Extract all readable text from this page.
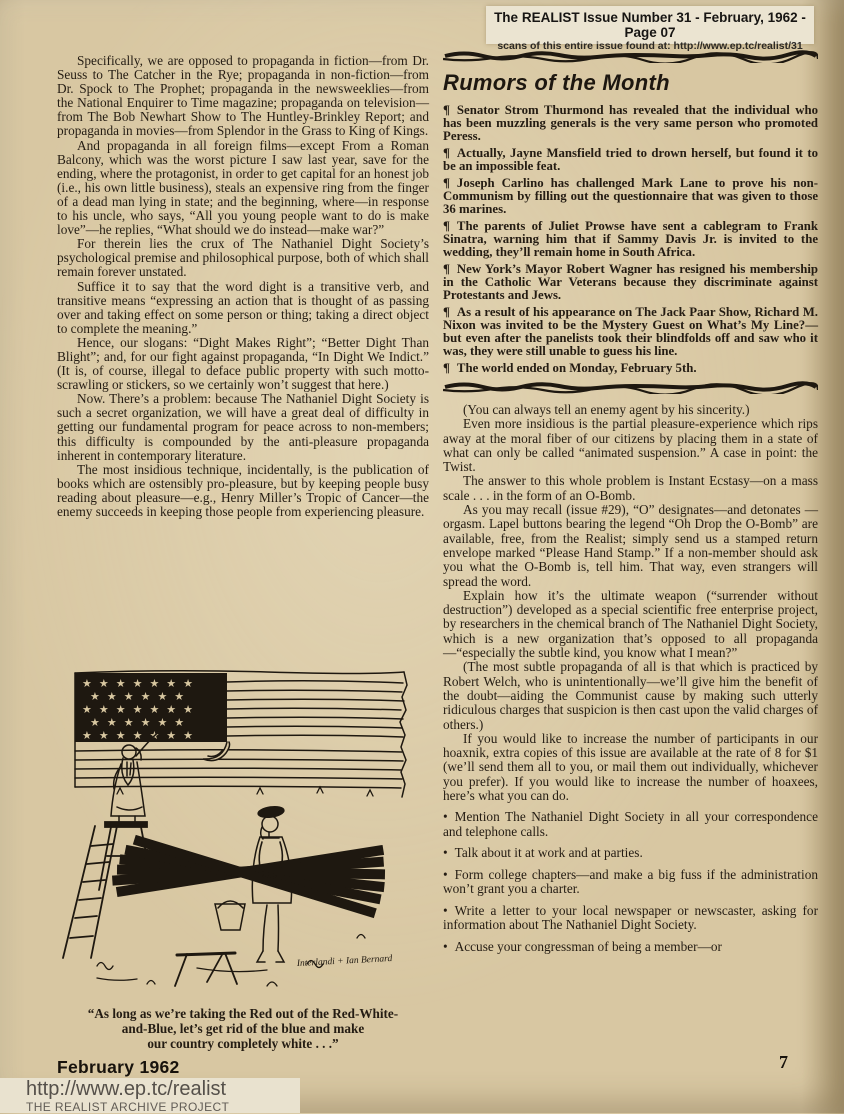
The REALIST Issue Number 31 - February, 1962 - Page 07
scans of this entire issue found at: http://www.ep.tc/realist/31

Specifically, we are opposed to propaganda in fiction—from Dr. Seuss to The Catcher in the Rye; propaganda in non-fiction—from Dr. Spock to The Prophet; propaganda in the newsweeklies—from the National Enquirer to Time magazine; propaganda on television—from The Bob Newhart Show to The Huntley-Brinkley Report; and propaganda in movies—from Splendor in the Grass to King of Kings.

And propaganda in all foreign films—except From a Roman Balcony, which was the worst picture I saw last year, save for the ending, where the protagonist, in order to get capital for an honest job (i.e., his own little business), steals an expensive ring from the finger of a dead man lying in state; and the beginning, where—in response to his uncle, who says, “All you young people want to do is make love”—he replies, “What should we do instead—make war?”

For therein lies the crux of The Nathaniel Dight Society’s psychological premise and philosophical purpose, both of which shall remain forever unstated.

Suffice it to say that the word dight is a transitive verb, and transitive means “expressing an action that is thought of as passing over and taking effect on some person or thing; taking a direct object to complete the meaning.”

Hence, our slogans: “Dight Makes Right”; “Better Dight Than Blight”; and, for our fight against propaganda, “In Dight We Indict.” (It is, of course, illegal to deface public property with such motto-scrawling or stickers, so we certainly won’t suggest that here.)

Now. There’s a problem: because The Nathaniel Dight Society is such a secret organization, we will have a great deal of difficulty in getting our fundamental program for peace across to non-members; this difficulty is compounded by the anti-pleasure propaganda inherent in contemporary literature.

The most insidious technique, incidentally, is the publication of books which are ostensibly pro-pleasure, but by keeping people busy reading about pleasure—e.g., Henry Miller’s Tropic of Cancer—the enemy succeeds in keeping those people from experiencing pleasure.

★★★★★★★
★★★★★★
★★★★★★★
★★★★★★
★★★★★★★
Interlandi + Ian Bernard
“As long as we’re taking the Red out of the Red-White-
and-Blue, let’s get rid of the blue and make
our country completely white . . .”
Rumors of the Month

¶ Senator Strom Thurmond has revealed that the individual who has been muzzling generals is the very same person who promoted Peress.

¶ Actually, Jayne Mansfield tried to drown herself, but found it to be an impossible feat.

¶ Joseph Carlino has challenged Mark Lane to prove his non-Communism by filling out the questionnaire that was given to those 36 marines.

¶ The parents of Juliet Prowse have sent a cablegram to Frank Sinatra, warning him that if Sammy Davis Jr. is invited to the wedding, they’ll remain home in South Africa.

¶ New York’s Mayor Robert Wagner has resigned his membership in the Catholic War Veterans because they discriminate against Protestants and Jews.

¶ As a result of his appearance on The Jack Paar Show, Richard M. Nixon was invited to be the Mystery Guest on What’s My Line?—but even after the panelists took their blindfolds off and saw who it was, they were still unable to guess his line.

¶ The world ended on Monday, February 5th.

(You can always tell an enemy agent by his sincerity.)

Even more insidious is the partial pleasure-experience which rips away at the moral fiber of our citizens by placing them in a state of what can only be called “animated suspension.” A case in point: the Twist.

The answer to this whole problem is Instant Ecstasy—on a mass scale . . . in the form of an O-Bomb.

As you may recall (issue #29), “O” designates—and detonates — orgasm. Lapel buttons bearing the legend “Oh Drop the O-Bomb” are available, free, from the Realist; simply send us a stamped return envelope marked “Please Hand Stamp.” If a non-member should ask you what the O-Bomb is, tell him. That way, even strangers will spread the word.

Explain how it’s the ultimate weapon (“surrender without destruction”) developed as a special scientific free enterprise project, by researchers in the chemical branch of The Nathaniel Dight Society, which is a new organization that’s opposed to all propaganda—“especially the subtle kind, you know what I mean?”

(The most subtle propaganda of all is that which is practiced by Robert Welch, who is unintentionally—we’ll give him the benefit of the doubt—aiding the Communist cause by making such utterly ridiculous charges that suspicion is then cast upon the valid charges of others.)

If you would like to increase the number of participants in our hoaxnik, extra copies of this issue are available at the rate of 8 for $1 (we’ll send them all to you, or mail them out individually, whichever you prefer). If you would like to increase the number of hoaxees, here’s what you can do.

• Mention The Nathaniel Dight Society in all your correspondence and telephone calls.

• Talk about it at work and at parties.

• Form college chapters—and make a big fuss if the administration won’t grant you a charter.

• Write a letter to your local newspaper or newscaster, asking for information about The Nathaniel Dight Society.

• Accuse your congressman of being a member—or

February 1962
http://www.ep.tc/realist
THE REALIST ARCHIVE PROJECT
7
